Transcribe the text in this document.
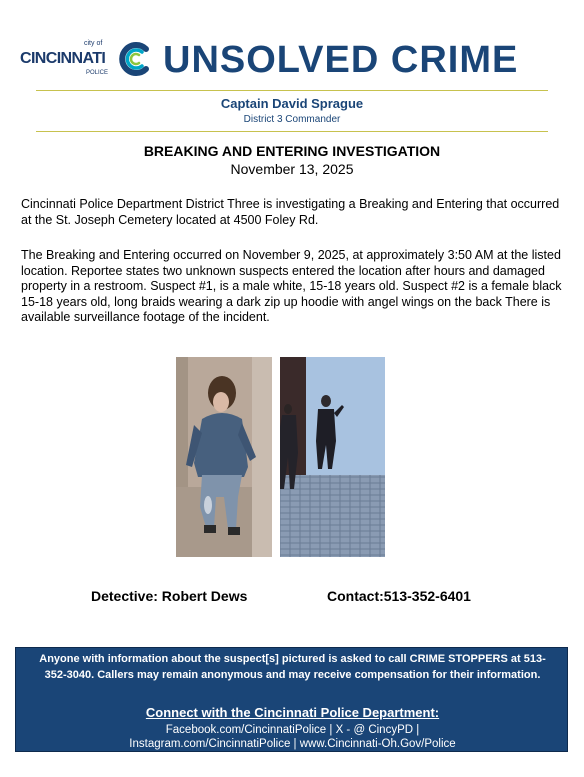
city of
CINCINNATI
POLICE UNSOLVED CRIME
Captain David Sprague
District 3 Commander
BREAKING AND ENTERING INVESTIGATION
November 13, 2025

Cincinnati Police Department District Three is investigating a Breaking and Entering that occurred at the St. Joseph Cemetery located at 4500 Foley Rd.

The Breaking and Entering occurred on November 9, 2025, at approximately 3:50 AM at the listed location. Reportee states two unknown suspects entered the location after hours and damaged property in a restroom. Suspect #1, is a male white, 15-18 years old. Suspect #2 is a female black 15-18 years old, long braids wearing a dark zip up hoodie with angel wings on the back There is available surveillance footage of the incident.

Detective: Robert Dews	Contact:513-352-6401
Anyone with information about the suspect[s] pictured is asked to call CRIME STOPPERS at 513-352-3040. Callers may remain anonymous and may receive compensation for their information.
Connect with the Cincinnati Police Department:
Facebook.com/CincinnatiPolice | X - @ CincyPD |
Instagram.com/CincinnatiPolice | www.Cincinnati-Oh.Gov/Police
